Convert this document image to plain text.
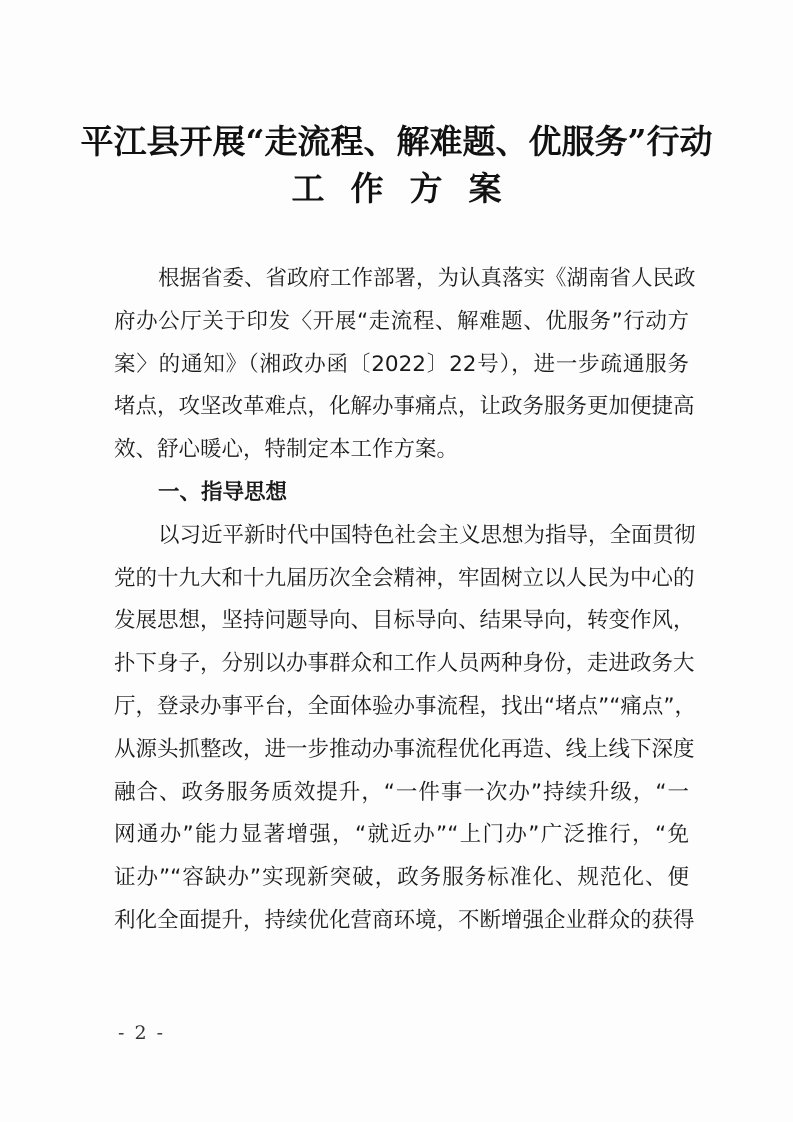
平江县开展“走流程、解难题、优服务”行动
工作方案
根据省委、省政府工作部署，为认真落实《湖南省人民政
府办公厅关于印发〈开展“走流程、解难题、优服务”行动方
案〉的通知》（湘政办函〔2022〕22号），进一步疏通服务
堵点，攻坚改革难点，化解办事痛点，让政务服务更加便捷高
效、舒心暖心，特制定本工作方案。
一、指导思想
以习近平新时代中国特色社会主义思想为指导，全面贯彻
党的十九大和十九届历次全会精神，牢固树立以人民为中心的
发展思想，坚持问题导向、目标导向、结果导向，转变作风，
扑下身子，分别以办事群众和工作人员两种身份，走进政务大
厅，登录办事平台，全面体验办事流程，找出“堵点”“痛点”，
从源头抓整改，进一步推动办事流程优化再造、线上线下深度
融合、政务服务质效提升，“一件事一次办”持续升级，“一
网通办”能力显著增强，“就近办”“上门办”广泛推行，“免
证办”“容缺办”实现新突破，政务服务标准化、规范化、便
利化全面提升，持续优化营商环境，不断增强企业群众的获得
- 2 -
